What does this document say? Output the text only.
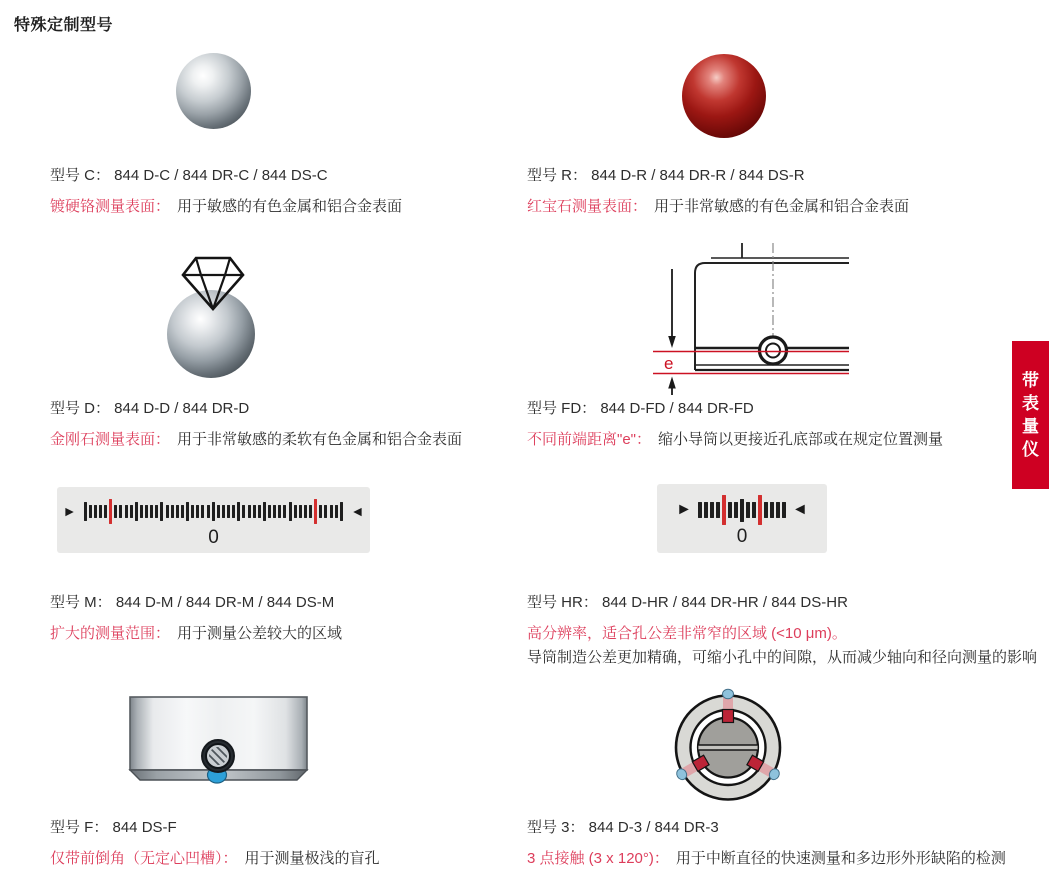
特殊定制型号
e
►	◄
0
►	◄
0
型号 C： 844 D-C / 844 DR-C / 844 DS-C
镀硬铬测量表面： 用于敏感的有色金属和铝合金表面
型号 R： 844 D-R / 844 DR-R / 844 DS-R
红宝石测量表面： 用于非常敏感的有色金属和铝合金表面
型号 D： 844 D-D / 844 DR-D
金刚石测量表面： 用于非常敏感的柔软有色金属和铝合金表面
型号 FD： 844 D-FD / 844 DR-FD
不同前端距离"e"： 缩小导筒以更接近孔底部或在规定位置测量
型号 M： 844 D-M / 844 DR-M / 844 DS-M
扩大的测量范围： 用于测量公差较大的区域
型号 HR： 844 D-HR / 844 DR-HR / 844 DS-HR
高分辨率，适合孔公差非常窄的区域 (<10 μm)。
导筒制造公差更加精确，可缩小孔中的间隙，从而减少轴向和径向测量的影响
型号 F： 844 DS-F
仅带前倒角（无定心凹槽）： 用于测量极浅的盲孔
型号 3： 844 D-3 / 844 DR-3
3 点接触 (3 x 120°)： 用于中断直径的快速测量和多边形外形缺陷的检测
带
表
量
仪
